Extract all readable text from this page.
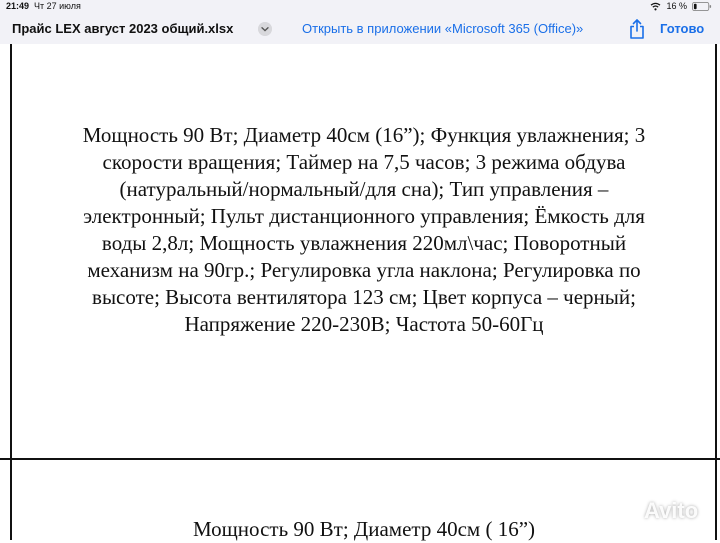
21:49 Чт 27 июля	16 %
Прайс LEX август 2023 общий.xlsx	Открыть в приложении «Microsoft 365 (Office)»	Готово
Мощность 90 Вт; Диаметр 40см (16”); Функция увлажнения; 3
скорости вращения; Таймер на 7,5 часов; 3 режима обдува
(натуральный/нормальный/для сна); Тип управления –
электронный; Пульт дистанционного управления; Ёмкость для
воды 2,8л; Мощность увлажнения 220мл\час; Поворотный
механизм на 90гр.; Регулировка угла наклона; Регулировка по
высоте; Высота вентилятора 123 см; Цвет корпуса – черный;
Напряжение 220-230В; Частота 50-60Гц
Мощность 90 Вт; Диаметр 40см ( 16”)
Avito
